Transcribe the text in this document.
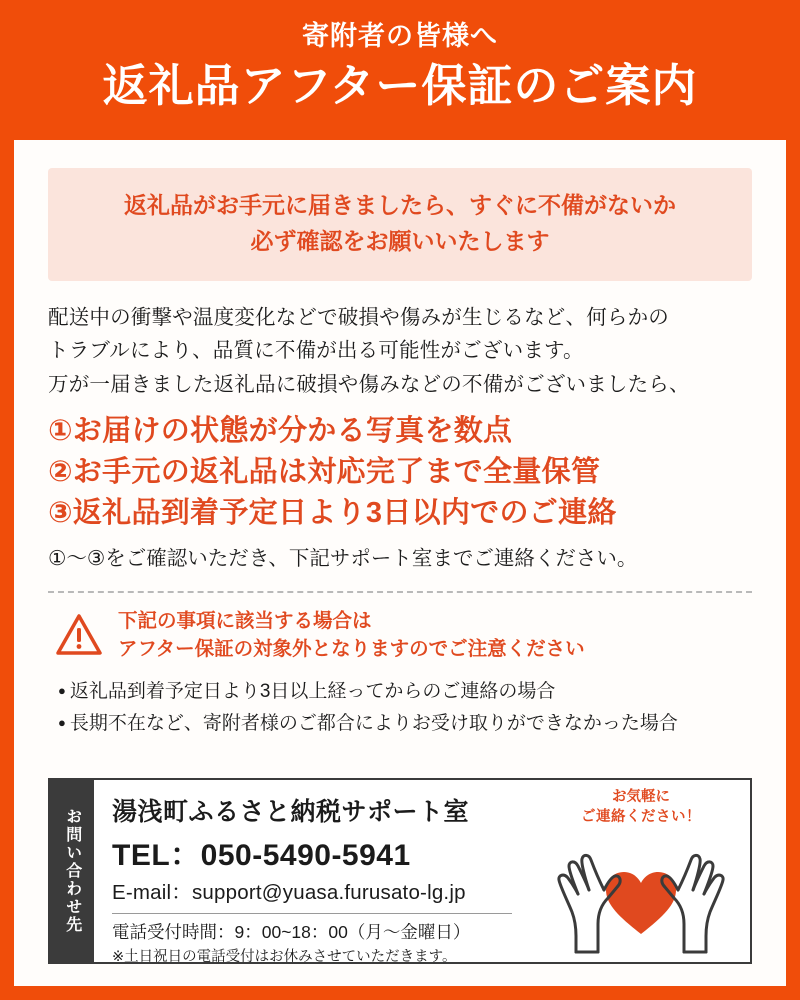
寄附者の皆様へ
返礼品アフター保証のご案内
返礼品がお手元に届きましたら、すぐに不備がないか
必ず確認をお願いいたします

配送中の衝撃や温度変化などで破損や傷みが生じるなど、何らかの

トラブルにより、品質に不備が出る可能性がございます。

万が一届きました返礼品に破損や傷みなどの不備がございましたら、

①お届けの状態が分かる写真を数点
②お手元の返礼品は対応完了まで全量保管
③返礼品到着予定日より3日以内でのご連絡
①～③をご確認いただき、下記サポート室までご連絡ください。
下記の事項に該当する場合は
アフター保証の対象外となりますのでご注意ください
● 返礼品到着予定日より3日以上経ってからのご連絡の場合
● 長期不在など、寄附者様のご都合によりお受け取りができなかった場合
お問い合わせ先	湯浅町ふるさと納税サポート室
TEL：050-5490-5941
E-mail：support@yuasa.furusato-lg.jp
電話受付時間：9：00~18：00（月～金曜日）
※土日祝日の電話受付はお休みさせていただきます。
お気軽に
ご連絡ください！
